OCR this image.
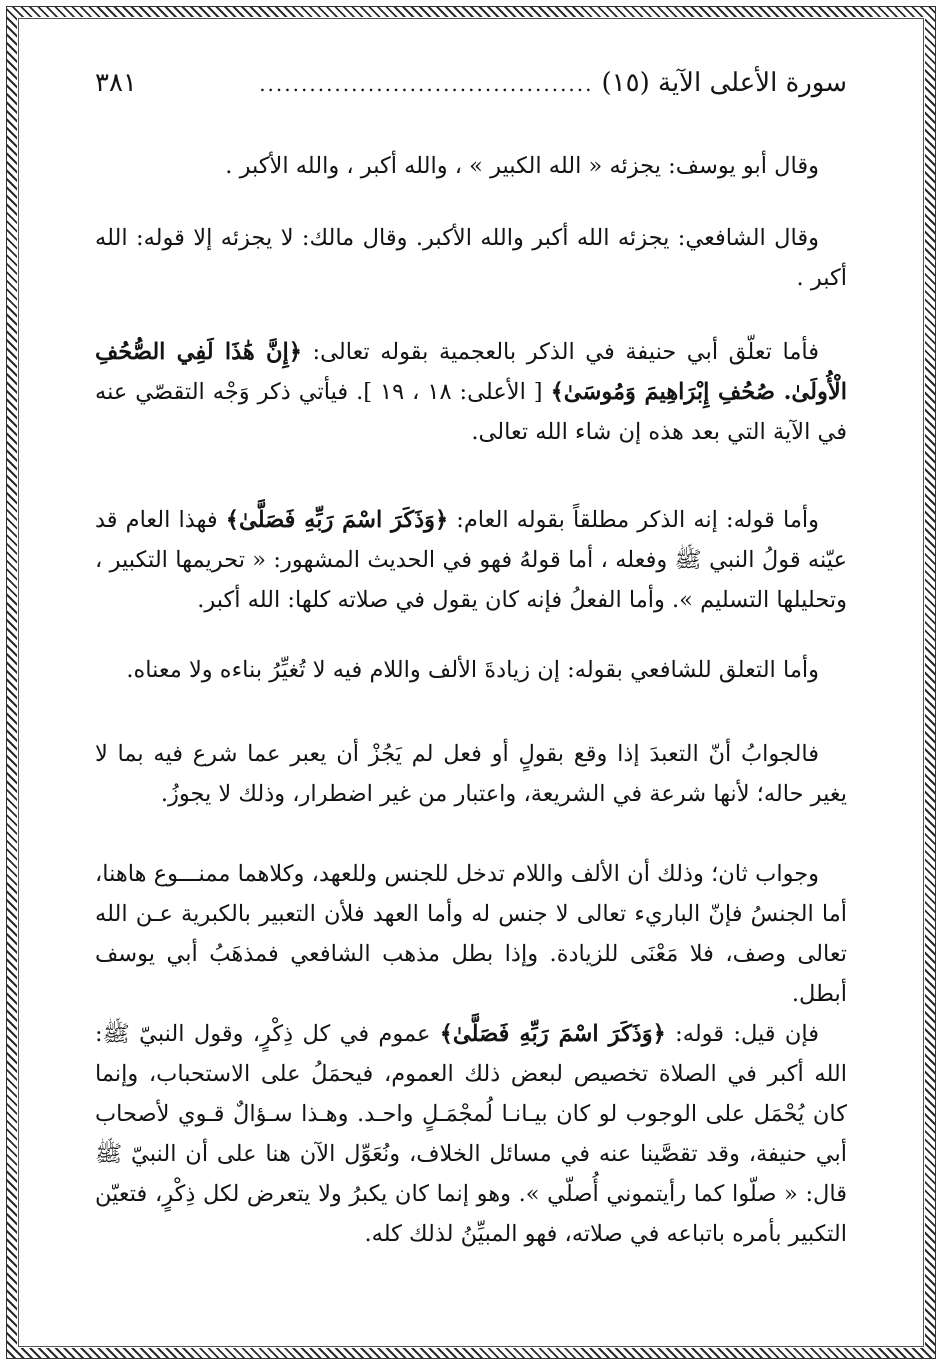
سورة الأعلى الآية (١٥)
........................................
٣٨١

وقال أبو يوسف: يجزئه « الله الكبير » ، والله أكبر ، والله الأكبر .

وقال الشافعي: يجزئه الله أكبر والله الأكبر. وقال مالك: لا يجزئه إلا قوله: الله أكبر .

فأما تعلّق أبي حنيفة في الذكر بالعجمية بقوله تعالى: ﴿إِنَّ هَٰذَا لَفِي الصُّحُفِ الْأُولَىٰ. صُحُفِ إِبْرَاهِيمَ وَمُوسَىٰ﴾ [ الأعلى: ١٨ ، ١٩ ]. فيأتي ذكر وَجْه التقصّي عنه في الآية التي بعد هذه إن شاء الله تعالى.

وأما قوله: إنه الذكر مطلقاً بقوله العام: ﴿وَذَكَرَ اسْمَ رَبِّهِ فَصَلَّىٰ﴾ فهذا العام قد عيّنه قولُ النبي ﷺ وفعله ، أما قولهُ فهو في الحديث المشهور: « تحريمها التكبير ، وتحليلها التسليم ». وأما الفعلُ فإنه كان يقول في صلاته كلها: الله أكبر.

وأما التعلق للشافعي بقوله: إن زيادةَ الألف واللام فيه لا تُغيِّرُ بناءه ولا معناه.

فالجوابُ أنّ التعبدَ إذا وقع بقولٍ أو فعل لم يَجُزْ أن يعبر عما شرع فيه بما لا يغير حاله؛ لأنها شرعة في الشريعة، واعتبار من غير اضطرار، وذلك لا يجوزُ.

وجواب ثان؛ وذلك أن الألف واللام تدخل للجنس وللعهد، وكلاهما ممنـــوع هاهنا، أما الجنسُ فإنّ الباريء تعالى لا جنس له وأما العهد فلأن التعبير بالكبرية عـن الله تعالى وصف، فلا مَعْنَى للزيادة. وإذا بطل مذهب الشافعي فمذهَبُ أبي يوسف أبطل.

فإن قيل: قوله: ﴿وَذَكَرَ اسْمَ رَبِّهِ فَصَلَّىٰ﴾ عموم في كل ذِكْرٍ، وقول النبيّ ﷺ: الله أكبر في الصلاة تخصيص لبعض ذلك العموم، فيحمَلُ على الاستحباب، وإنما كان يُحْمَل على الوجوب لو كان بيـانـا لُمجْمَـلٍ واحـد. وهـذا سـؤالٌ قـوي لأصحاب أبي حنيفة، وقد تقصَّينا عنه في مسائل الخلاف، ونُعَوِّل الآن هنا على أن النبيّ ﷺ قال: « صلّوا كما رأيتموني أُصلّي ». وهو إنما كان يكبرُ ولا يتعرض لكل ذِكْرٍ، فتعيّن التكبير بأمره باتباعه في صلاته، فهو المبيِّنُ لذلك كله.
